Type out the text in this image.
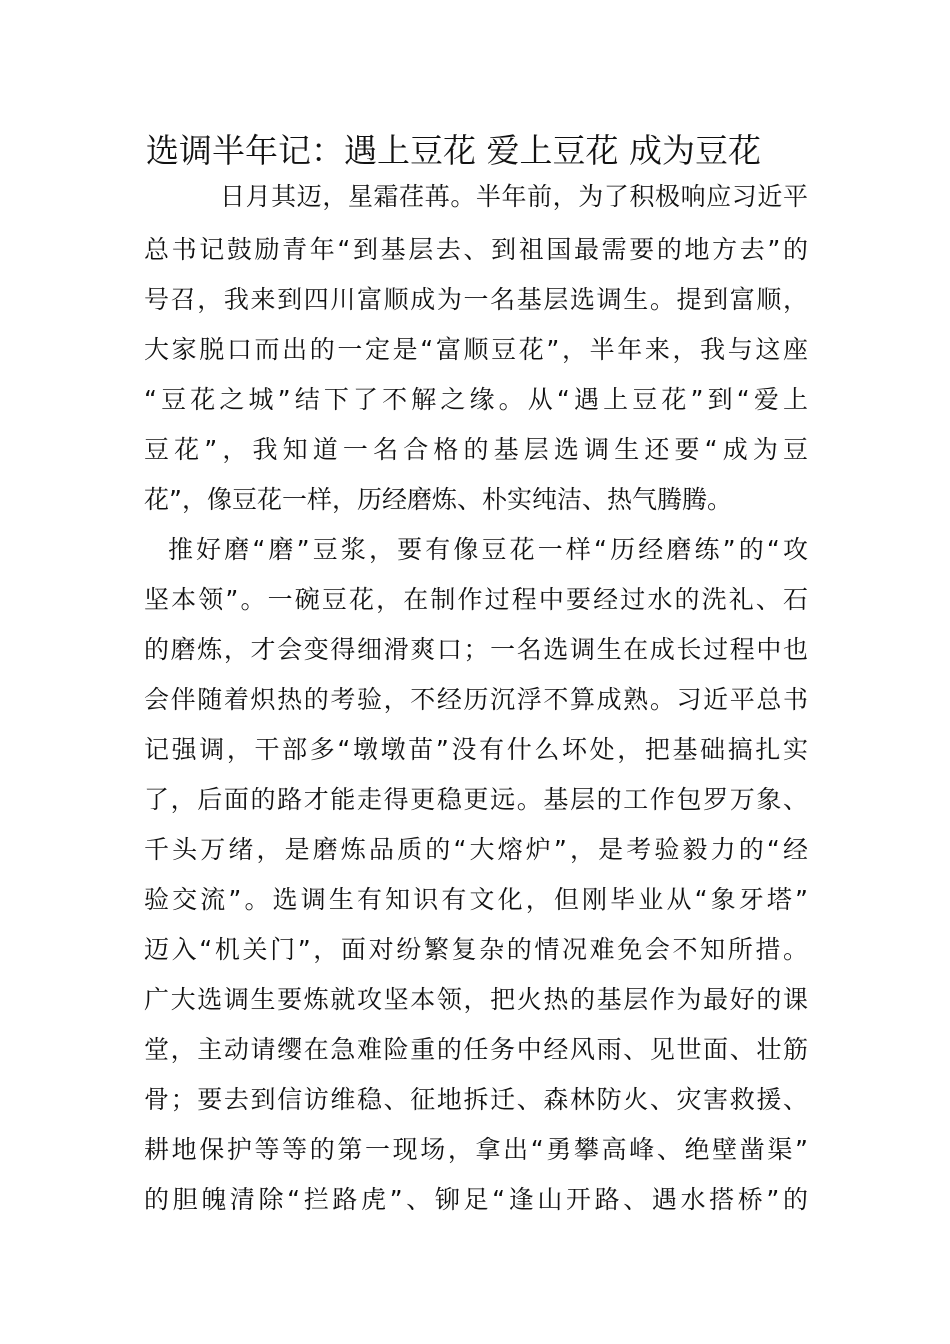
选调半年记：遇上豆花 爱上豆花 成为豆花
日月其迈，星霜荏苒。半年前，为了积极响应习近平
总书记鼓励青年“到基层去、到祖国最需要的地方去”的
号召，我来到四川富顺成为一名基层选调生。提到富顺，
大家脱口而出的一定是“富顺豆花”，半年来，我与这座
“豆花之城”结下了不解之缘。从“遇上豆花”到“爱上
豆花”，我知道一名合格的基层选调生还要“成为豆
花”，像豆花一样，历经磨炼、朴实纯洁、热气腾腾。
推好磨“磨”豆浆，要有像豆花一样“历经磨练”的“攻
坚本领”。一碗豆花，在制作过程中要经过水的洗礼、石
的磨炼，才会变得细滑爽口；一名选调生在成长过程中也
会伴随着炽热的考验，不经历沉浮不算成熟。习近平总书
记强调，干部多“墩墩苗”没有什么坏处，把基础搞扎实
了，后面的路才能走得更稳更远。基层的工作包罗万象、
千头万绪，是磨炼品质的“大熔炉”，是考验毅力的“经
验交流”。选调生有知识有文化，但刚毕业从“象牙塔”
迈入“机关门”，面对纷繁复杂的情况难免会不知所措。
广大选调生要炼就攻坚本领，把火热的基层作为最好的课
堂，主动请缨在急难险重的任务中经风雨、见世面、壮筋
骨；要去到信访维稳、征地拆迁、森林防火、灾害救援、
耕地保护等等的第一现场，拿出“勇攀高峰、绝壁凿渠”
的胆魄清除“拦路虎”、铆足“逢山开路、遇水搭桥”的
